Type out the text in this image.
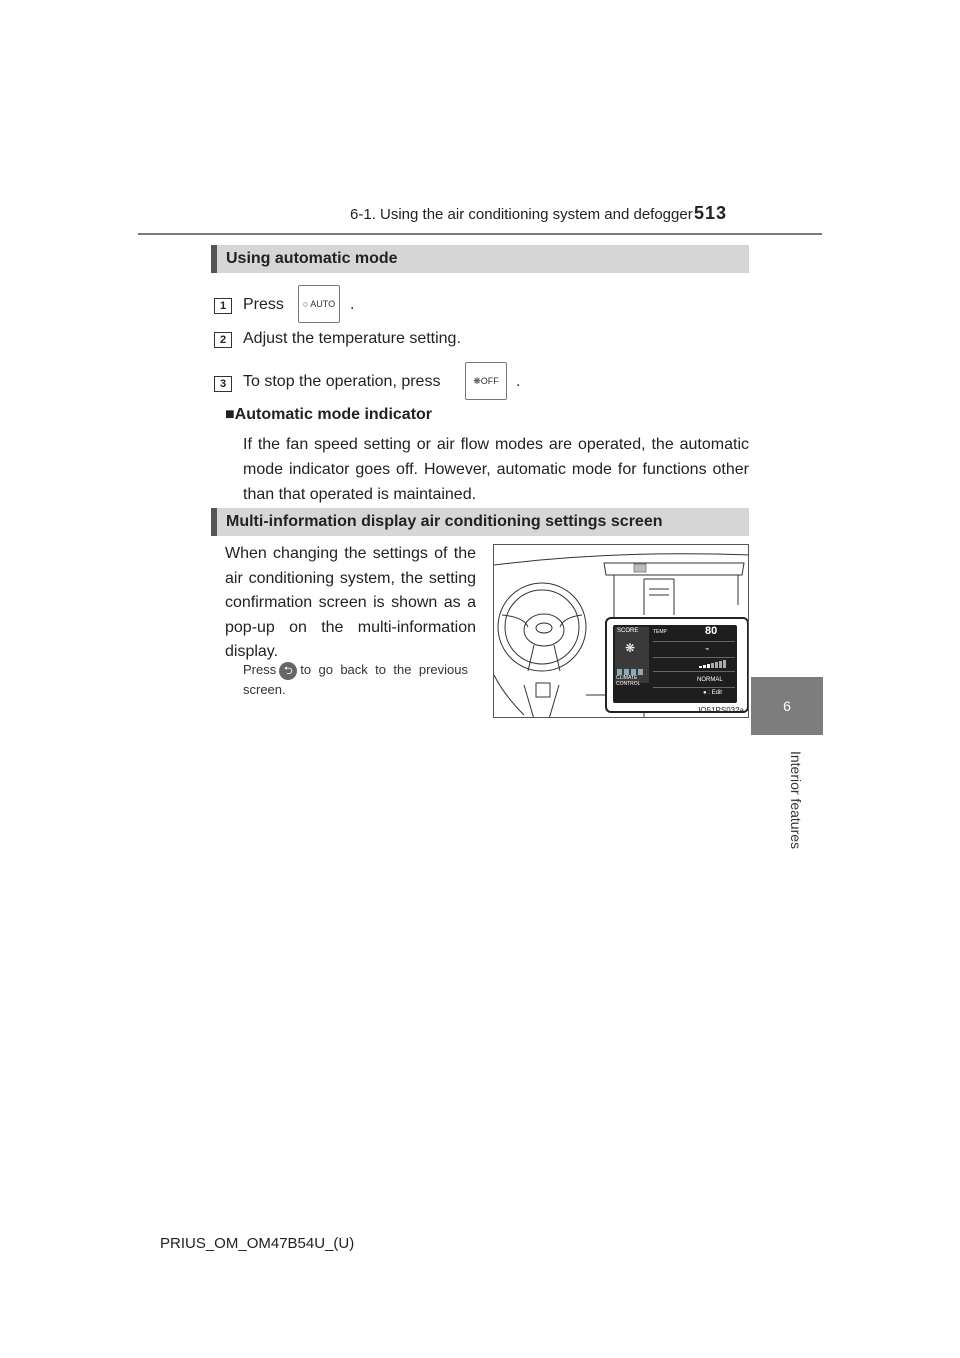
6-1. Using the air conditioning system and defogger 513
6
Interior features
Using automatic mode
1	Press ○ AUTO .
2	Adjust the temperature setting.
3	To stop the operation, press	❋OFF .
■Automatic mode indicator
If the fan speed setting or air flow modes are operated, the automatic mode indicator goes off. However, automatic mode for functions other than that operated is maintained.
Multi-information display air conditioning settings screen
When changing the settings of the air conditioning system, the setting confirmation screen is shown as a pop-up on the multi-information display.
Press ⮌ to go back to the previous screen.
SCORE
❋
TEMP	80
⌁
CLIMATE
CONTROL
NORMAL
● : Edit
IO51PS032a
PRIUS_OM_OM47B54U_(U)
